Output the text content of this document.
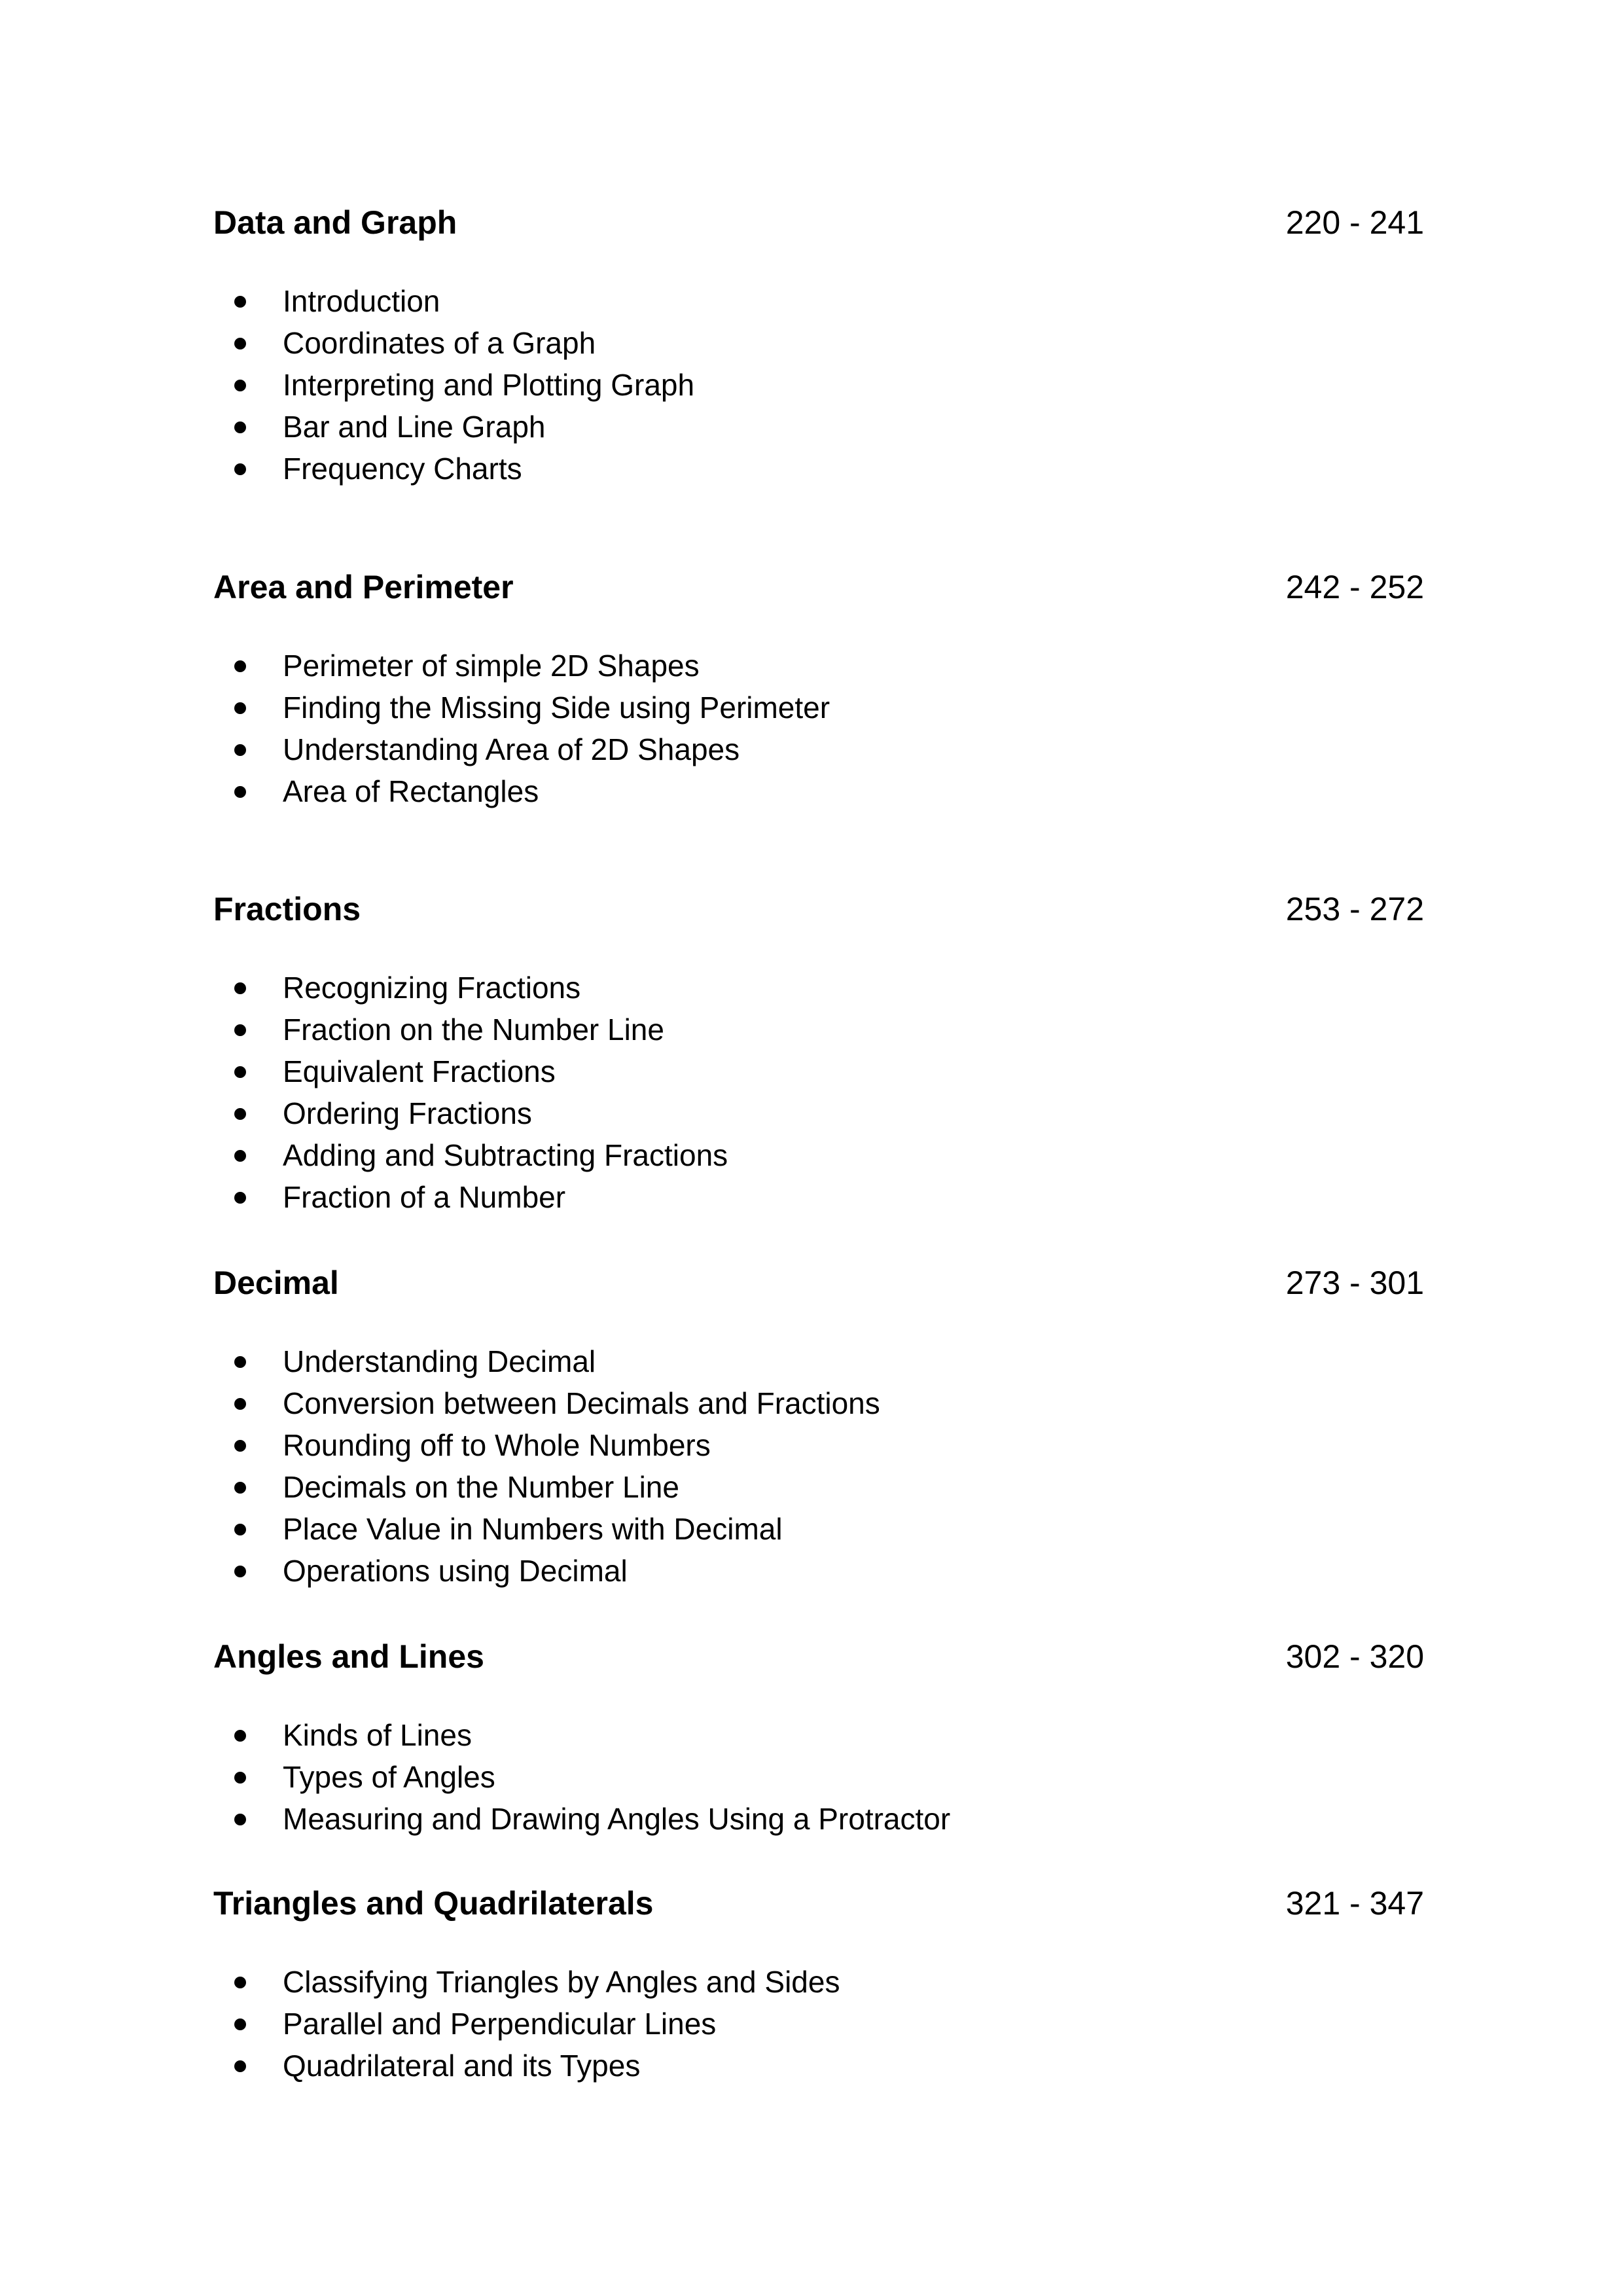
Data and Graph	220 - 241
Introduction
Coordinates of a Graph
Interpreting and Plotting Graph
Bar and Line Graph
Frequency Charts
Area and Perimeter	242 - 252
Perimeter of simple 2D Shapes
Finding the Missing Side using Perimeter
Understanding Area of 2D Shapes
Area of Rectangles
Fractions	253 - 272
Recognizing Fractions
Fraction on the Number Line
Equivalent Fractions
Ordering Fractions
Adding and Subtracting Fractions
Fraction of a Number
Decimal	273 - 301
Understanding Decimal
Conversion between Decimals and Fractions
Rounding off to Whole Numbers
Decimals on the Number Line
Place Value in Numbers with Decimal
Operations using Decimal
Angles and Lines	302 - 320
Kinds of Lines
Types of Angles
Measuring and Drawing Angles Using a Protractor
Triangles and Quadrilaterals	321 - 347
Classifying Triangles by Angles and Sides
Parallel and Perpendicular Lines
Quadrilateral and its Types
